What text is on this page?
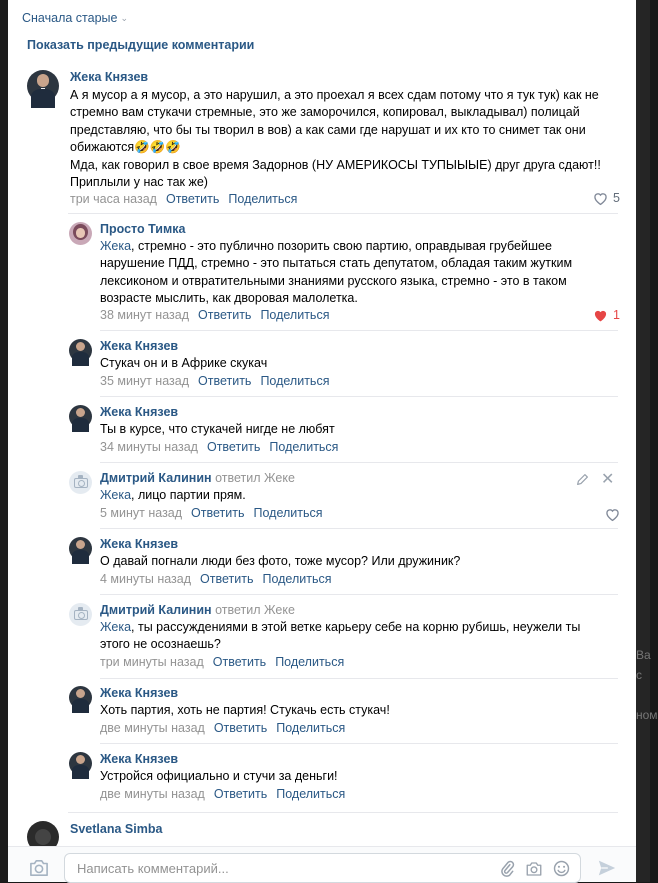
Ва
с
ном
Сначала старые ⌄
Показать предыдущие комментарии
Жека Князев
А я мусор а я мусор, а это нарушил, а это проехал я всех сдам потому что я тук тук) как не
стремно вам стукачи стремные, это же заморочился, копировал, выкладывал) полицай
представляю, что бы ты творил в вов) а как сами где нарушат и их кто то снимет так они
обижаются🤣🤣🤣
Мда, как говорил в свое время Задорнов (НУ АМЕРИКОСЫ ТУПЫЫЫЕ) друг друга сдают!!
Приплыли у нас так же)
три часа назад Ответить Поделиться	5
Просто Тимка
Жека, стремно - это публично позорить свою партию, оправдывая грубейшее
нарушение ПДД, стремно - это пытаться стать депутатом, обладая таким жутким
лексиконом и отвратительными знаниями русского языка, стремно - это в таком
возрасте мыслить, как дворовая малолетка.
38 минут назад Ответить Поделиться	1
Жека Князев
Стукач он и в Африке скукач
35 минут назад Ответить Поделиться
Жека Князев
Ты в курсе, что стукачей нигде не любят
34 минуты назад Ответить Поделиться
Дмитрий Калинин ответил Жеке	✕
Жека, лицо партии прям.
5 минут назад Ответить Поделиться
Жека Князев
О давай погнали люди без фото, тоже мусор? Или дружиник?
4 минуты назад Ответить Поделиться
Дмитрий Калинин ответил Жеке
Жека, ты рассуждениями в этой ветке карьеру себе на корню рубишь, неужели ты
этого не осознаешь?
три минуты назад Ответить Поделиться
Жека Князев
Хоть партия, хоть не партия! Стукачь есть стукач!
две минуты назад Ответить Поделиться
Жека Князев
Устройся официально и стучи за деньги!
две минуты назад Ответить Поделиться
Svetlana Simba
Написать комментарий...
